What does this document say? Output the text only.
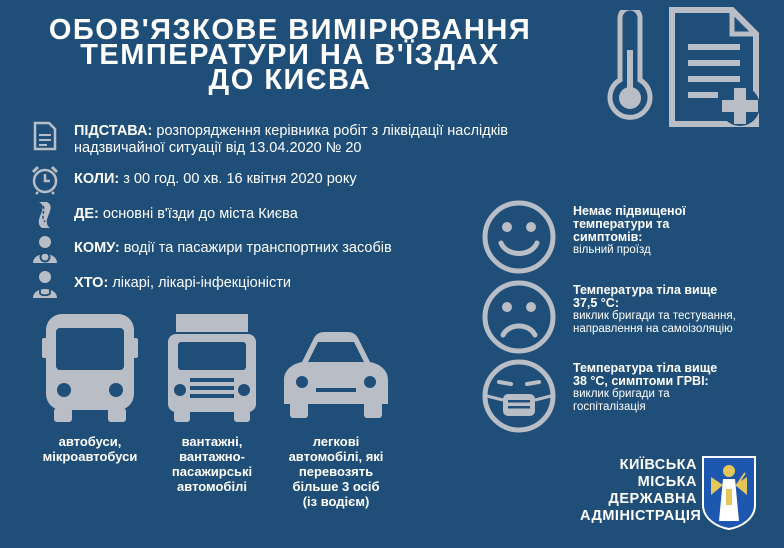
ОБОВ'ЯЗКОВЕ ВИМІРЮВАННЯ
ТЕМПЕРАТУРИ НА В'ЇЗДАХ
ДО КИЄВА
ПІДСТАВА: розпорядження керівника робіт з ліквідації наслідків надзвичайної ситуації від 13.04.2020 № 20
КОЛИ: з 00 год. 00 хв. 16 квітня 2020 року
ДЕ: основні в'їзди до міста Києва
КОМУ: водії та пасажири транспортних засобів
ХТО: лікарі, лікарі-інфекціоністи
автобуси,
мікроавтобуси
вантажні,
вантажно-
пасажирські
автомобілі
легкові
автомобілі, які
перевозять
більше 3 осіб
(із водієм)
Немає підвищеної
температури та
симптомів:
вільний проїзд
Температура тіла вище
37,5 °С:
виклик бригади та тестування,
направлення на самоізоляцію
Температура тіла вище
38 °С, симптоми ГРВІ:
виклик бригади та
госпіталізація
КИЇВСЬКА
МІСЬКА
ДЕРЖАВНА
АДМІНІСТРАЦІЯ
